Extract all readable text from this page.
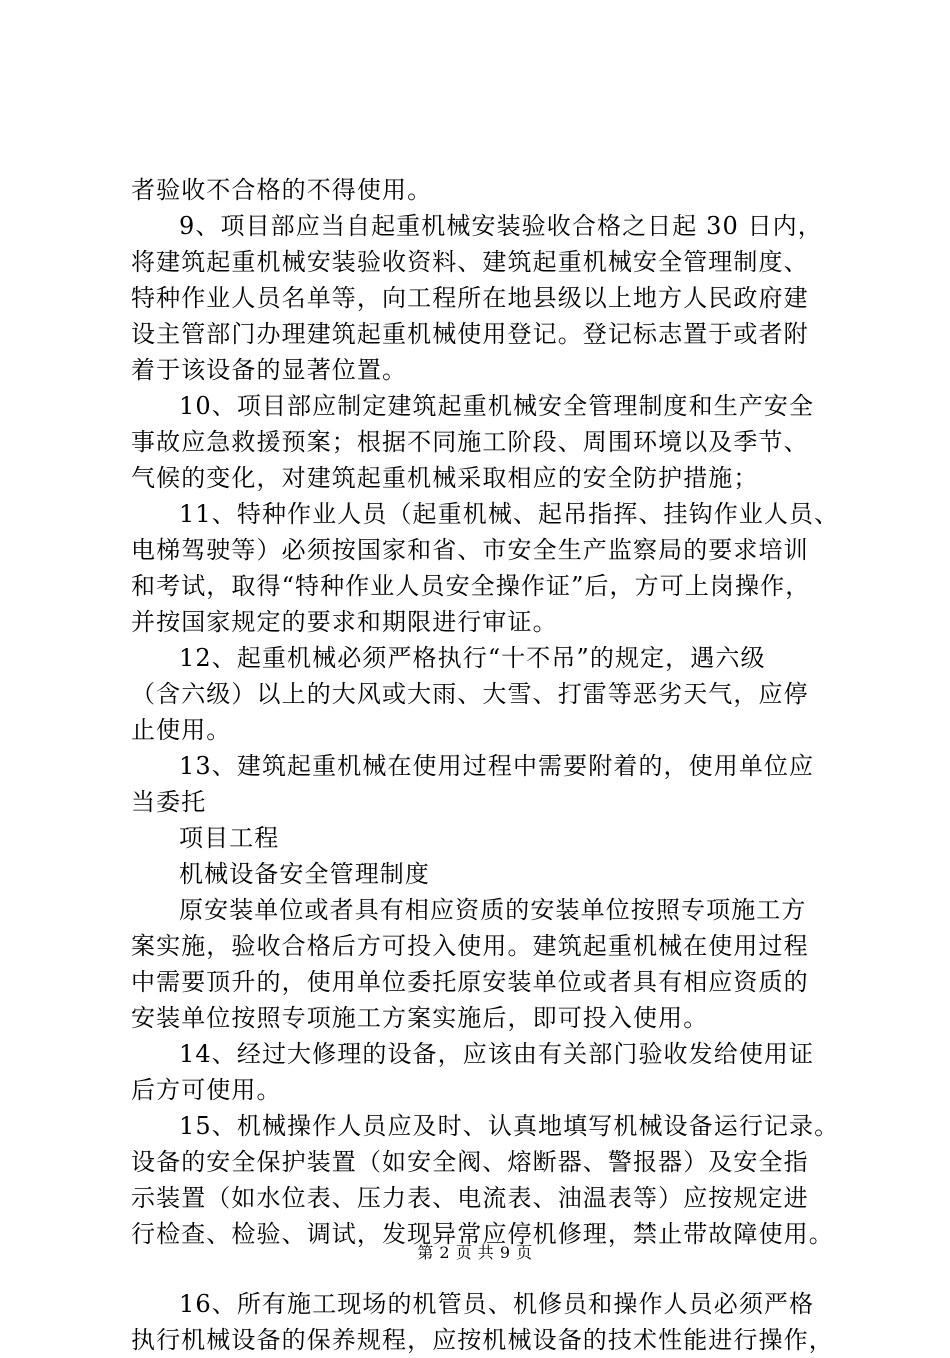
者验收不合格的不得使用。
9、项目部应当自起重机械安装验收合格之日起 30 日内，
将建筑起重机械安装验收资料、建筑起重机械安全管理制度、
特种作业人员名单等，向工程所在地县级以上地方人民政府建
设主管部门办理建筑起重机械使用登记。登记标志置于或者附
着于该设备的显著位置。
10、项目部应制定建筑起重机械安全管理制度和生产安全
事故应急救援预案；根据不同施工阶段、周围环境以及季节、
气候的变化，对建筑起重机械采取相应的安全防护措施；
11、特种作业人员（起重机械、起吊指挥、挂钩作业人员、
电梯驾驶等）必须按国家和省、市安全生产监察局的要求培训
和考试，取得“特种作业人员安全操作证”后，方可上岗操作，
并按国家规定的要求和期限进行审证。
12、起重机械必须严格执行“十不吊”的规定，遇六级
（含六级）以上的大风或大雨、大雪、打雷等恶劣天气，应停
止使用。
13、建筑起重机械在使用过程中需要附着的，使用单位应
当委托
项目工程
机械设备安全管理制度
原安装单位或者具有相应资质的安装单位按照专项施工方
案实施，验收合格后方可投入使用。建筑起重机械在使用过程
中需要顶升的，使用单位委托原安装单位或者具有相应资质的
安装单位按照专项施工方案实施后，即可投入使用。
14、经过大修理的设备，应该由有关部门验收发给使用证
后方可使用。
15、机械操作人员应及时、认真地填写机械设备运行记录。
设备的安全保护装置（如安全阀、熔断器、警报器）及安全指
示装置（如水位表、压力表、电流表、油温表等）应按规定进
行检查、检验、调试，发现异常应停机修理，禁止带故障使用。
16、所有施工现场的机管员、机修员和操作人员必须严格
执行机械设备的保养规程，应按机械设备的技术性能进行操作，
第 2 页 共 9 页
